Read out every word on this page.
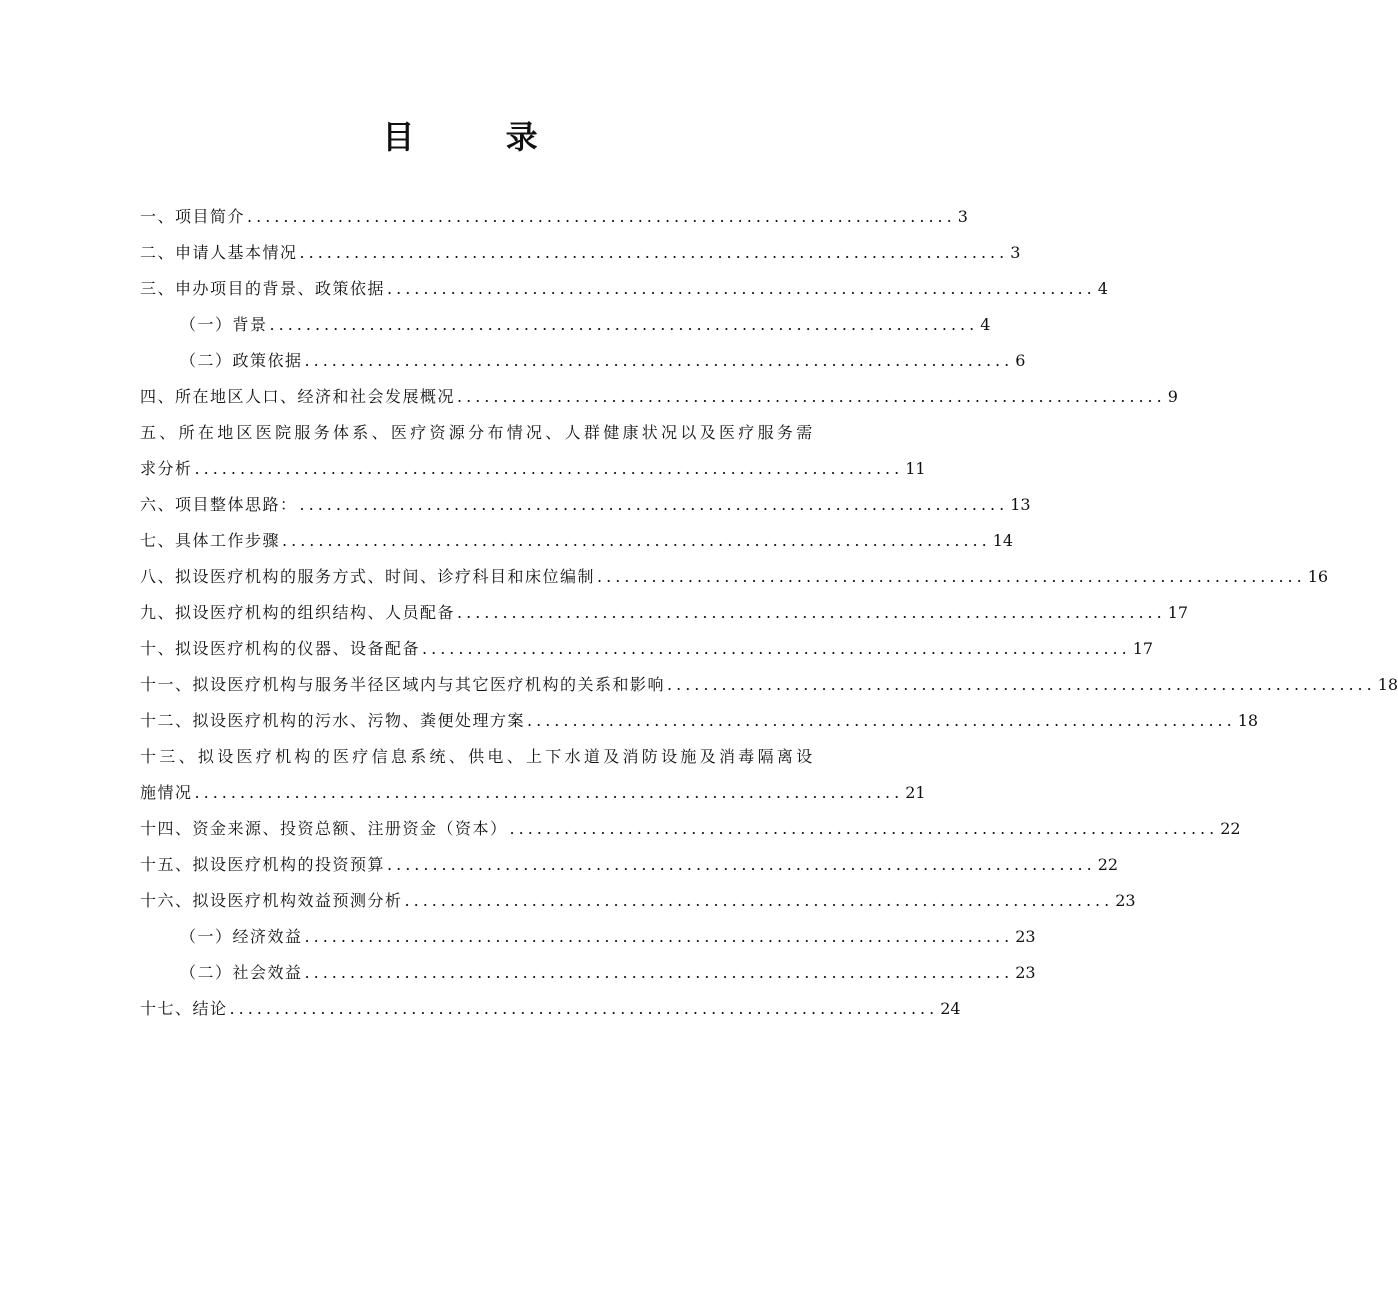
目 录
一、项目简介 .............................................................................. 3
二、申请人基本情况 .............................................................................. 3
三、申办项目的背景、政策依据 .............................................................................. 4
（一）背景 .............................................................................. 4
（二）政策依据 .............................................................................. 6
四、所在地区人口、经济和社会发展概况 .............................................................................. 9
五、所在地区医院服务体系、医疗资源分布情况、人群健康状况以及医疗服务需
求分析 .............................................................................. 11
六、项目整体思路： .............................................................................. 13
七、具体工作步骤 .............................................................................. 14
八、拟设医疗机构的服务方式、时间、诊疗科目和床位编制 .............................................................................. 16
九、拟设医疗机构的组织结构、人员配备 .............................................................................. 17
十、拟设医疗机构的仪器、设备配备 .............................................................................. 17
十一、拟设医疗机构与服务半径区域内与其它医疗机构的关系和影响 .............................................................................. 18
十二、拟设医疗机构的污水、污物、粪便处理方案 .............................................................................. 18
十三、拟设医疗机构的医疗信息系统、供电、上下水道及消防设施及消毒隔离设
施情况 .............................................................................. 21
十四、资金来源、投资总额、注册资金（资本） .............................................................................. 22
十五、拟设医疗机构的投资预算 .............................................................................. 22
十六、拟设医疗机构效益预测分析 .............................................................................. 23
（一）经济效益 .............................................................................. 23
（二）社会效益 .............................................................................. 23
十七、结论 .............................................................................. 24
